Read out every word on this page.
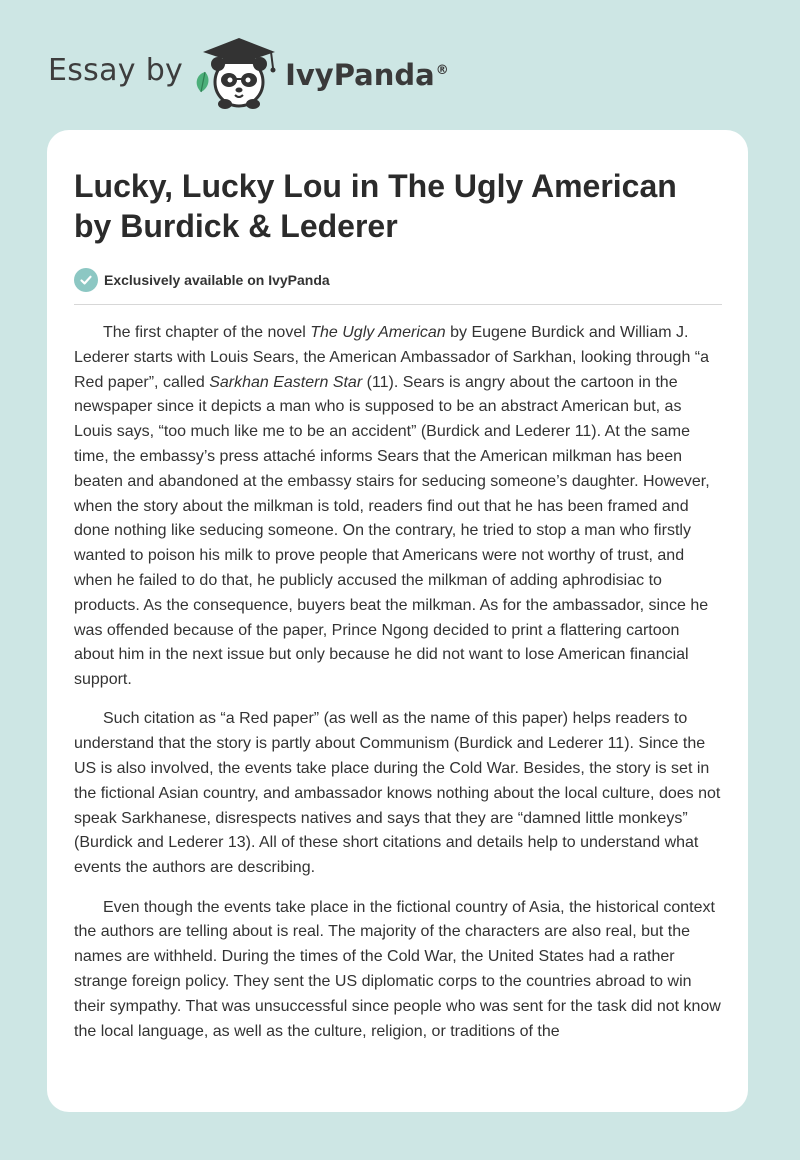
Essay by	IvyPanda®
Lucky, Lucky Lou in The Ugly American by Burdick & Lederer
Exclusively available on IvyPanda

The first chapter of the novel The Ugly American by Eugene Burdick and William J. Lederer starts with Louis Sears, the American Ambassador of Sarkhan, looking through “a Red paper”, called Sarkhan Eastern Star (11). Sears is angry about the cartoon in the newspaper since it depicts a man who is supposed to be an abstract American but, as Louis says, “too much like me to be an accident” (Burdick and Lederer 11). At the same time, the embassy’s press attaché informs Sears that the American milkman has been beaten and abandoned at the embassy stairs for seducing someone’s daughter. However, when the story about the milkman is told, readers find out that he has been framed and done nothing like seducing someone. On the contrary, he tried to stop a man who firstly wanted to poison his milk to prove people that Americans were not worthy of trust, and when he failed to do that, he publicly accused the milkman of adding aphrodisiac to products. As the consequence, buyers beat the milkman. As for the ambassador, since he was offended because of the paper, Prince Ngong decided to print a flattering cartoon about him in the next issue but only because he did not want to lose American financial support.

Such citation as “a Red paper” (as well as the name of this paper) helps readers to understand that the story is partly about Communism (Burdick and Lederer 11). Since the US is also involved, the events take place during the Cold War. Besides, the story is set in the fictional Asian country, and ambassador knows nothing about the local culture, does not speak Sarkhanese, disrespects natives and says that they are “damned little monkeys” (Burdick and Lederer 13). All of these short citations and details help to understand what events the authors are describing.

Even though the events take place in the fictional country of Asia, the historical context the authors are telling about is real. The majority of the characters are also real, but the names are withheld. During the times of the Cold War, the United States had a rather strange foreign policy. They sent the US diplomatic corps to the countries abroad to win their sympathy. That was unsuccessful since people who was sent for the task did not know the local language, as well as the culture, religion, or traditions of the
